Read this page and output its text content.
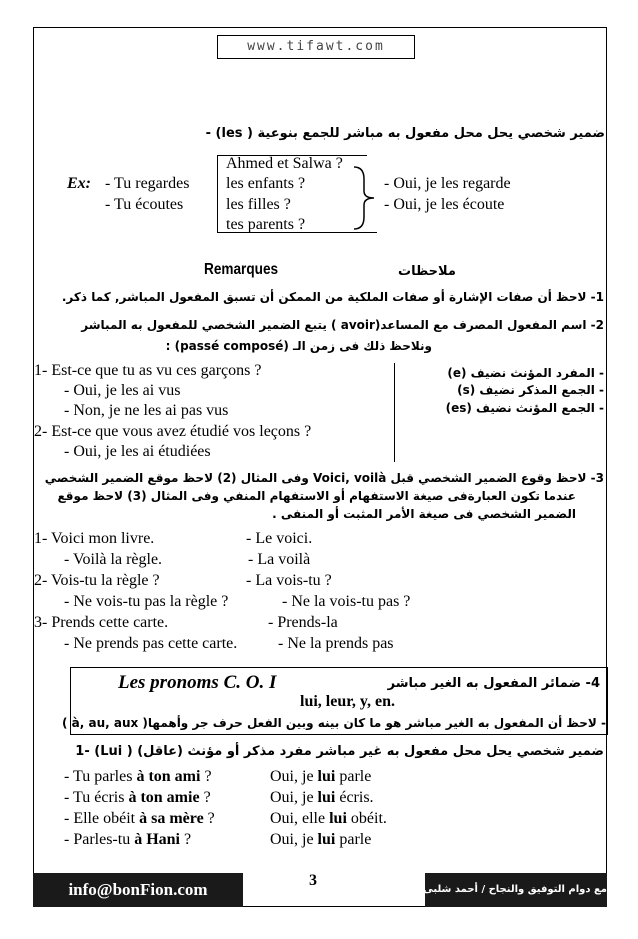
www.tifawt.com
- (les ) ضمير شخصي يحل محل مفعول به مباشر للجمع بنوعية
Ex: - Tu regardes
- Tu écoutes
Ahmed et Salwa ?
les enfants ?
les filles ?
tes parents ?
- Oui, je les regarde
- Oui, je les écoute
Remarques	ملاحظات
1- لاحظ أن صفات الإشارة أو صفات الملكية من الممكن أن تسبق المفعول المباشر, كما ذكر.
2- اسم المفعول المصرف مع المساعد(avoir ) يتبع الضمير الشخصي للمفعول به المباشر
ونلاحظ ذلك فى زمن الـ (passé composé) :
1- Est-ce que tu as vu ces garçons ?
- Oui, je les ai vus
- Non, je ne les ai pas vus
2- Est-ce que vous avez étudié vos leçons ?
- Oui, je les ai étudiées
- المفرد المؤنث نضيف (e)
- الجمع المذكر نضيف (s)
- الجمع المؤنث نضيف (es)
3- لاحظ وقوع الضمير الشخصي قبل Voici, voilà وفى المثال (2) لاحظ موقع الضمير الشخصي
عندما تكون العبارةفى صيغة الاستفهام أو الاستفهام المنفي وفى المثال (3) لاحظ موقع
الضمير الشخصي فى صيغة الأمر المثبت أو المنفى .
1- Voici mon livre.	- Le voici.
- Voilà la règle.	- La voilà
2- Vois-tu la règle ?	- La vois-tu ?
- Ne vois-tu pas la règle ?	- Ne la vois-tu pas ?
3- Prends cette carte.	- Prends-la
- Ne prends pas cette carte.	- Ne la prends pas
Les pronoms C. O. I	4- ضمائر المفعول به الغير مباشر
lui, leur, y, en.
- لاحظ أن المفعول به الغير مباشر هو ما كان بينه وبين الفعل حرف جر وأهمها( à, au, aux )
1- (Lui ) ضمير شخصي يحل محل مفعول به غير مباشر مفرد مذكر أو مؤنث (عاقل)
- Tu parles à ton ami ?	Oui, je lui parle
- Tu écris à ton amie ?	Oui, je lui écris.
- Elle obéit à sa mère ?	Oui, elle lui obéit.
- Parles-tu à Hani ?	Oui, je lui parle
info@bonFion.com	3
مع دوام التوفيق والنجاح / أحمد شلبى
